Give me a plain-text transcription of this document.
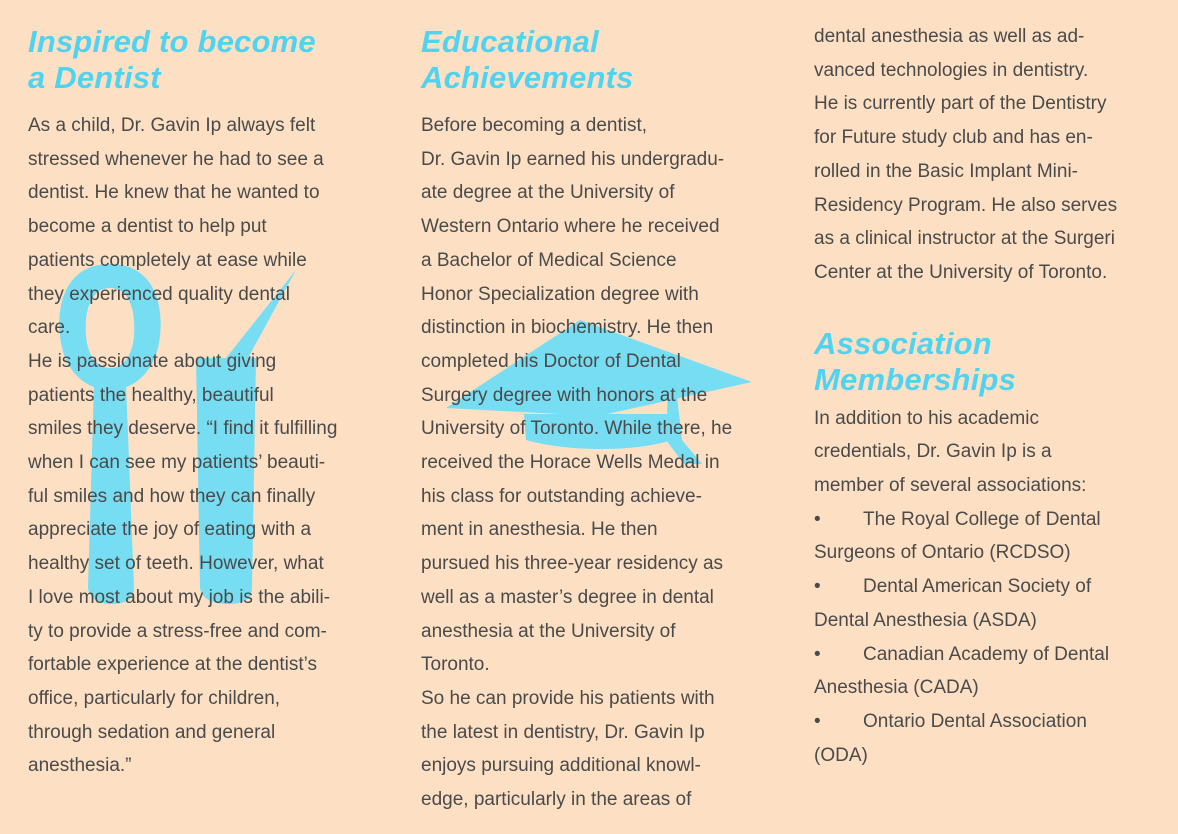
Inspired to become
a Dentist
As a child, Dr. Gavin Ip always felt
stressed whenever he had to see a
dentist. He knew that he wanted to
become a dentist to help put
patients completely at ease while
they experienced quality dental
care.
He is passionate about giving
patients the healthy, beautiful
smiles they deserve. “I find it fulfilling
when I can see my patients’ beauti-
ful smiles and how they can finally
appreciate the joy of eating with a
healthy set of teeth. However, what
I love most about my job is the abili-
ty to provide a stress-free and com-
fortable experience at the dentist’s
office, particularly for children,
through sedation and general
anesthesia.”
Educational
Achievements
Before becoming a dentist,
Dr. Gavin Ip earned his undergradu-
ate degree at the University of
Western Ontario where he received
a Bachelor of Medical Science
Honor Specialization degree with
distinction in biochemistry. He then
completed his Doctor of Dental
Surgery degree with honors at the
University of Toronto. While there, he
received the Horace Wells Medal in
his class for outstanding achieve-
ment in anesthesia. He then
pursued his three-year residency as
well as a master’s degree in dental
anesthesia at the University of
Toronto.
So he can provide his patients with
the latest in dentistry, Dr. Gavin Ip
enjoys pursuing additional knowl-
edge, particularly in the areas of
dental anesthesia as well as ad-
vanced technologies in dentistry.
He is currently part of the Dentistry
for Future study club and has en-
rolled in the Basic Implant Mini-
Residency Program. He also serves
as a clinical instructor at the Surgeri
Center at the University of Toronto.
Association
Memberships
In addition to his academic
credentials, Dr. Gavin Ip is a
member of several associations:
• The Royal College of Dental
Surgeons of Ontario (RCDSO)
• Dental American Society of
Dental Anesthesia (ASDA)
• Canadian Academy of Dental
Anesthesia (CADA)
• Ontario Dental Association
(ODA)
